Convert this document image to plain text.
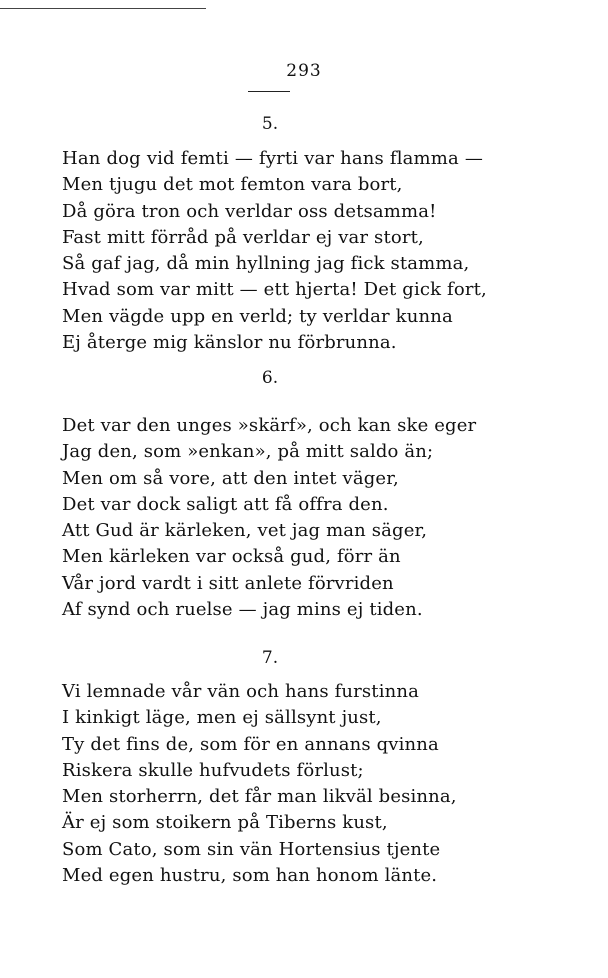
293
5.
Han dog vid femti — fyrti var hans flamma —
Men tjugu det mot femton vara bort,
Då göra tron och verldar oss detsamma!
Fast mitt förråd på verldar ej var stort,
Så gaf jag, då min hyllning jag fick stamma,
Hvad som var mitt — ett hjerta! Det gick fort,
Men vägde upp en verld; ty verldar kunna
Ej återge mig känslor nu förbrunna.
6.
Det var den unges »skärf», och kan ske eger
Jag den, som »enkan», på mitt saldo än;
Men om så vore, att den intet väger,
Det var dock saligt att få offra den.
Att Gud är kärleken, vet jag man säger,
Men kärleken var också gud, förr än
Vår jord vardt i sitt anlete förvriden
Af synd och ruelse — jag mins ej tiden.
7.
Vi lemnade vår vän och hans furstinna
I kinkigt läge, men ej sällsynt just,
Ty det fins de, som för en annans qvinna
Riskera skulle hufvudets förlust;
Men storherrn, det får man likväl besinna,
Är ej som stoikern på Tiberns kust,
Som Cato, som sin vän Hortensius tjente
Med egen hustru, som han honom länte.
